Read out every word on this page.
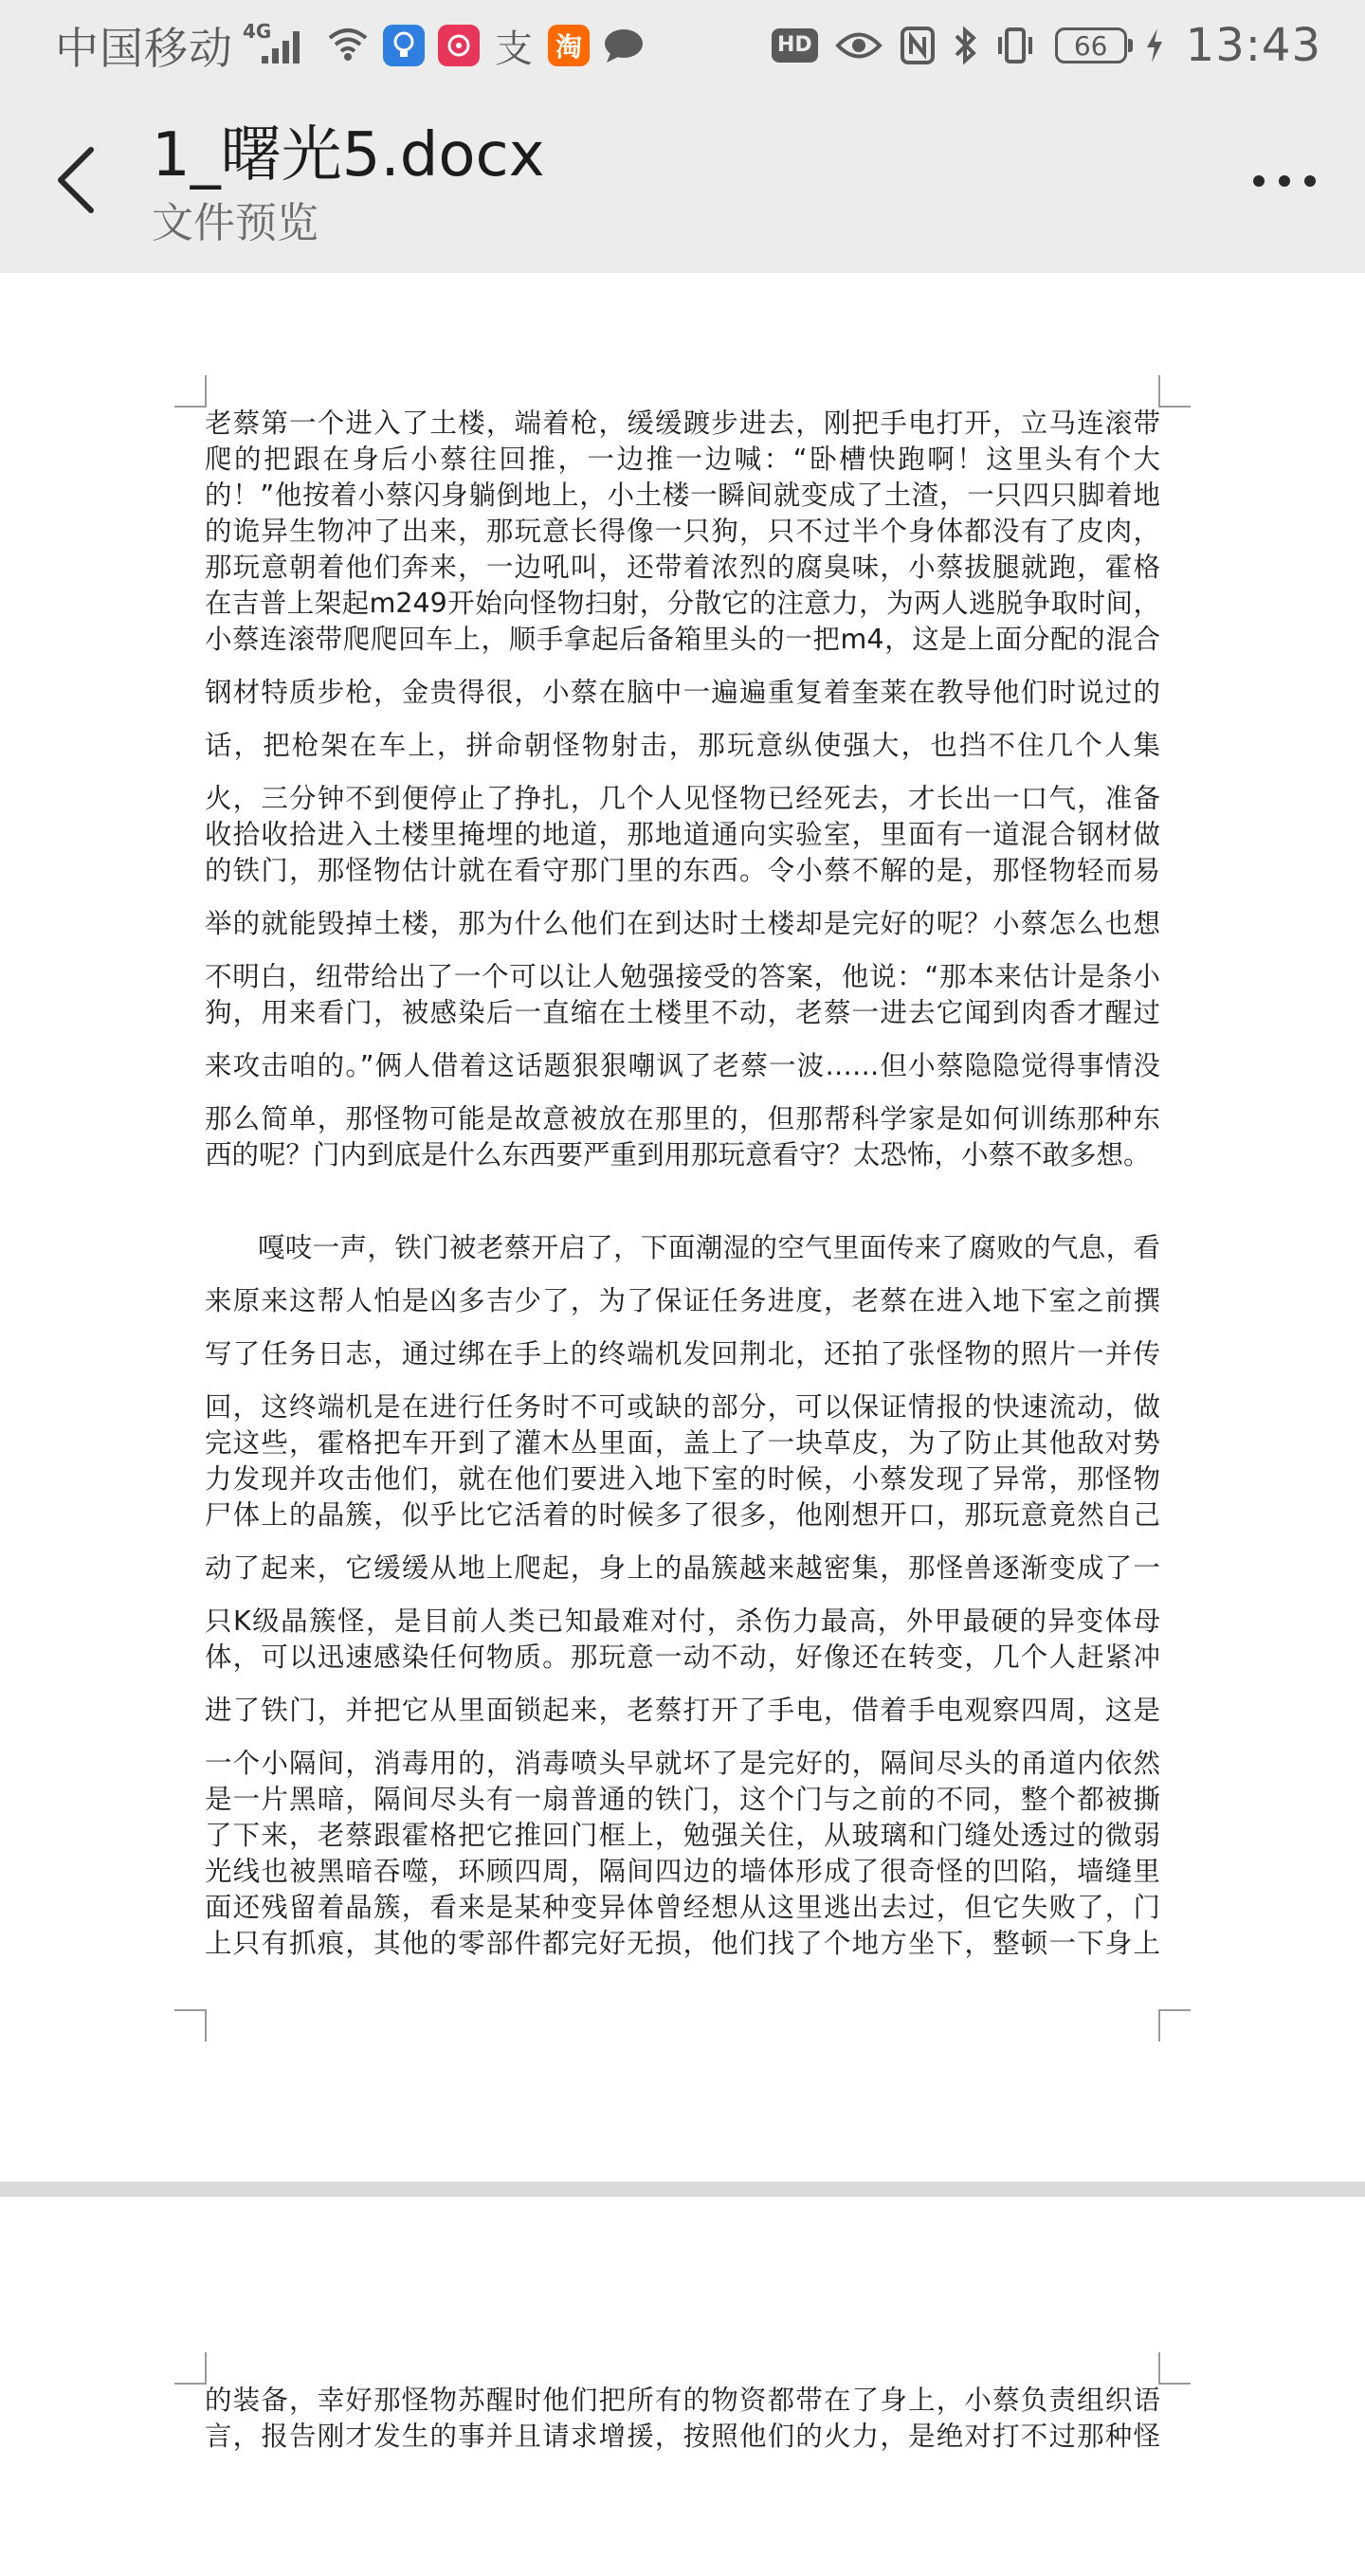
中国移动 4G	支 淘	HD	66	13:43
1_曙光5.docx
文件预览
老蔡第一个进入了土楼，端着枪，缓缓踱步进去，刚把手电打开，立马连滚带
爬的把跟在身后小蔡往回推，一边推一边喊：“卧槽快跑啊！这里头有个大
的！”他按着小蔡闪身躺倒地上，小土楼一瞬间就变成了土渣，一只四只脚着地
的诡异生物冲了出来，那玩意长得像一只狗，只不过半个身体都没有了皮肉，
那玩意朝着他们奔来，一边吼叫，还带着浓烈的腐臭味，小蔡拔腿就跑，霍格
在吉普上架起m249开始向怪物扫射，分散它的注意力，为两人逃脱争取时间，
小蔡连滚带爬爬回车上，顺手拿起后备箱里头的一把m4，这是上面分配的混合
钢材特质步枪，金贵得很，小蔡在脑中一遍遍重复着奎莱在教导他们时说过的
话，把枪架在车上，拼命朝怪物射击，那玩意纵使强大，也挡不住几个人集
火，三分钟不到便停止了挣扎，几个人见怪物已经死去，才长出一口气，准备
收拾收拾进入土楼里掩埋的地道，那地道通向实验室，里面有一道混合钢材做
的铁门，那怪物估计就在看守那门里的东西。令小蔡不解的是，那怪物轻而易
举的就能毁掉土楼，那为什么他们在到达时土楼却是完好的呢？小蔡怎么也想
不明白，纽带给出了一个可以让人勉强接受的答案，他说：“那本来估计是条小
狗，用来看门，被感染后一直缩在土楼里不动，老蔡一进去它闻到肉香才醒过
来攻击咱的。”俩人借着这话题狠狠嘲讽了老蔡一波……但小蔡隐隐觉得事情没
那么简单，那怪物可能是故意被放在那里的，但那帮科学家是如何训练那种东
西的呢？门内到底是什么东西要严重到用那玩意看守？太恐怖，小蔡不敢多想。
嘎吱一声，铁门被老蔡开启了，下面潮湿的空气里面传来了腐败的气息，看
来原来这帮人怕是凶多吉少了，为了保证任务进度，老蔡在进入地下室之前撰
写了任务日志，通过绑在手上的终端机发回荆北，还拍了张怪物的照片一并传
回，这终端机是在进行任务时不可或缺的部分，可以保证情报的快速流动，做
完这些，霍格把车开到了灌木丛里面，盖上了一块草皮，为了防止其他敌对势
力发现并攻击他们，就在他们要进入地下室的时候，小蔡发现了异常，那怪物
尸体上的晶簇，似乎比它活着的时候多了很多，他刚想开口，那玩意竟然自己
动了起来，它缓缓从地上爬起，身上的晶簇越来越密集，那怪兽逐渐变成了一
只K级晶簇怪，是目前人类已知最难对付，杀伤力最高，外甲最硬的异变体母
体，可以迅速感染任何物质。那玩意一动不动，好像还在转变，几个人赶紧冲
进了铁门，并把它从里面锁起来，老蔡打开了手电，借着手电观察四周，这是
一个小隔间，消毒用的，消毒喷头早就坏了是完好的，隔间尽头的甬道内依然
是一片黑暗，隔间尽头有一扇普通的铁门，这个门与之前的不同，整个都被撕
了下来，老蔡跟霍格把它推回门框上，勉强关住，从玻璃和门缝处透过的微弱
光线也被黑暗吞噬，环顾四周，隔间四边的墙体形成了很奇怪的凹陷，墙缝里
面还残留着晶簇，看来是某种变异体曾经想从这里逃出去过，但它失败了，门
上只有抓痕，其他的零部件都完好无损，他们找了个地方坐下，整顿一下身上
的装备，幸好那怪物苏醒时他们把所有的物资都带在了身上，小蔡负责组织语
言，报告刚才发生的事并且请求增援，按照他们的火力，是绝对打不过那种怪
